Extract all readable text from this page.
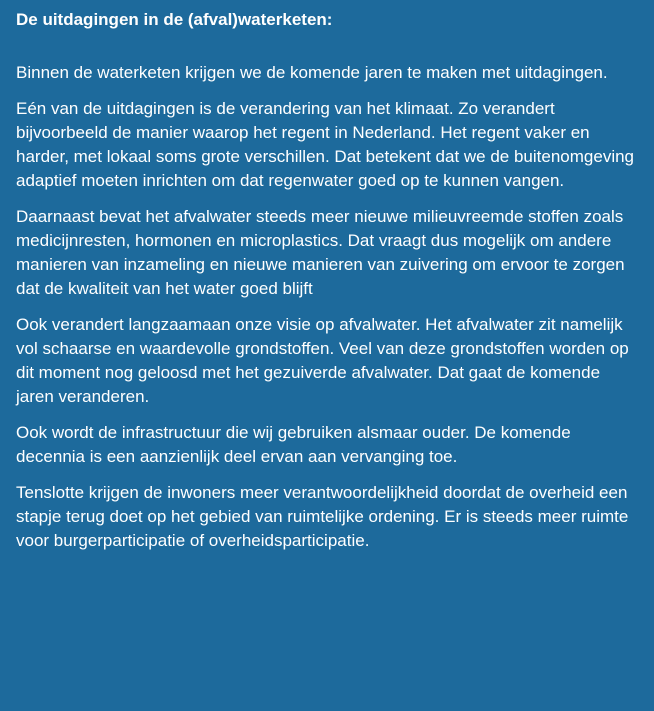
De uitdagingen in de (afval)waterketen:

Binnen de waterketen krijgen we de komende jaren te maken met uitdagingen.

Eén van de uitdagingen is de verandering van het klimaat. Zo verandert bijvoorbeeld de manier waarop het regent in Nederland. Het regent vaker en harder, met lokaal soms grote verschillen. Dat betekent dat we de buitenomgeving adaptief moeten inrichten om dat regenwater goed op te kunnen vangen.

Daarnaast bevat het afvalwater steeds meer nieuwe milieuvreemde stoffen zoals medicijnresten, hormonen en microplastics. Dat vraagt dus mogelijk om andere manieren van inzameling en nieuwe manieren van zuivering om ervoor te zorgen dat de kwaliteit van het water goed blijft

Ook verandert langzaamaan onze visie op afvalwater. Het afvalwater zit namelijk vol schaarse en waardevolle grondstoffen. Veel van deze grondstoffen worden op dit moment nog geloosd met het gezuiverde afvalwater. Dat gaat de komende jaren veranderen.

Ook wordt de infrastructuur die wij gebruiken alsmaar ouder. De komende decennia is een aanzienlijk deel ervan aan vervanging toe.

Tenslotte krijgen de inwoners meer verantwoordelijkheid doordat de overheid een stapje terug doet op het gebied van ruimtelijke ordening. Er is steeds meer ruimte voor burgerparticipatie of overheidsparticipatie.
